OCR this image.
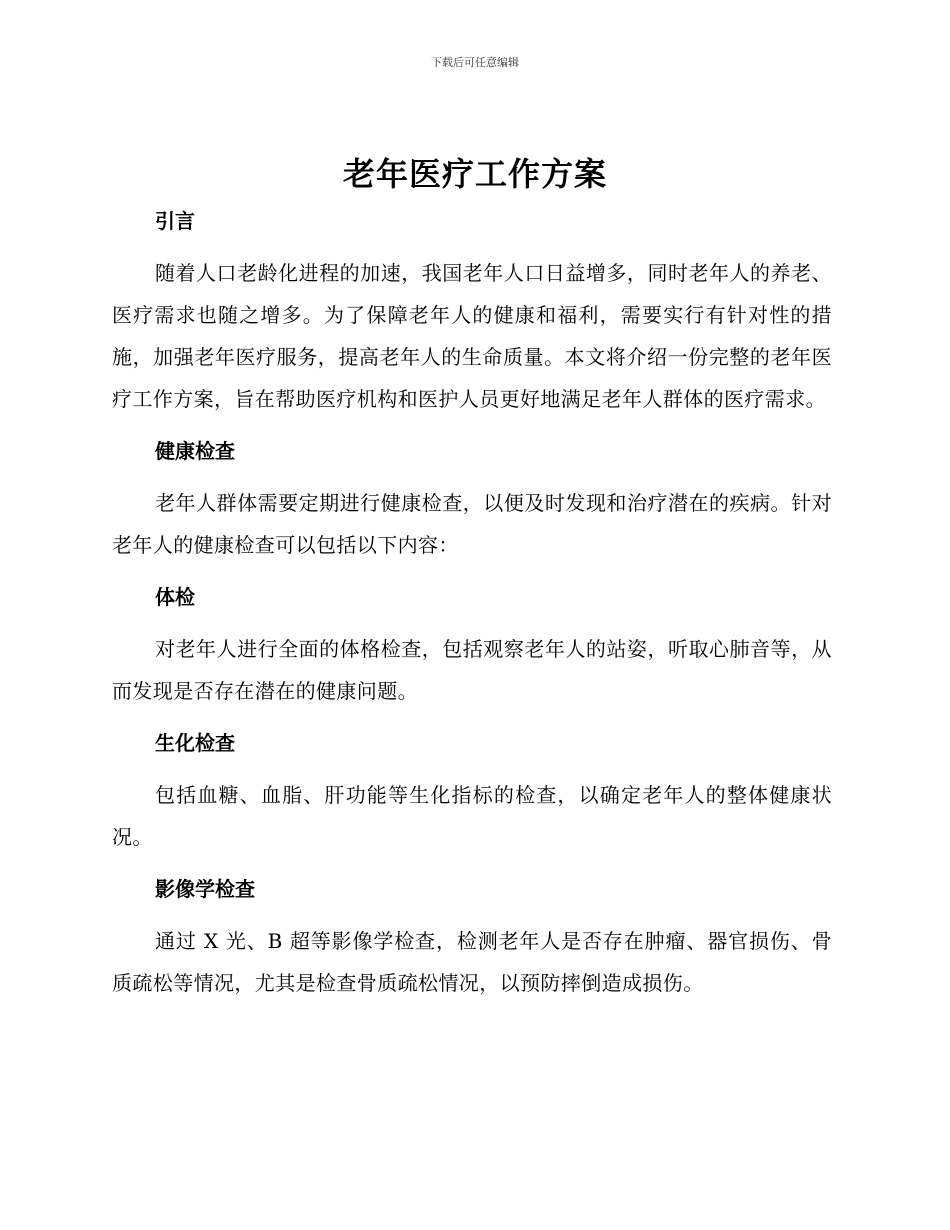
下载后可任意编辑
老年医疗工作方案

引言

随着人口老龄化进程的加速，我国老年人口日益增多，同时老年人的养老、医疗需求也随之增多。为了保障老年人的健康和福利，需要实行有针对性的措施，加强老年医疗服务，提高老年人的生命质量。本文将介绍一份完整的老年医疗工作方案，旨在帮助医疗机构和医护人员更好地满足老年人群体的医疗需求。

健康检查

老年人群体需要定期进行健康检查，以便及时发现和治疗潜在的疾病。针对老年人的健康检查可以包括以下内容：

体检

对老年人进行全面的体格检查，包括观察老年人的站姿，听取心肺音等，从而发现是否存在潜在的健康问题。

生化检查

包括血糖、血脂、肝功能等生化指标的检查，以确定老年人的整体健康状况。

影像学检查

通过 X 光、B 超等影像学检查，检测老年人是否存在肿瘤、器官损伤、骨质疏松等情况，尤其是检查骨质疏松情况，以预防摔倒造成损伤。
